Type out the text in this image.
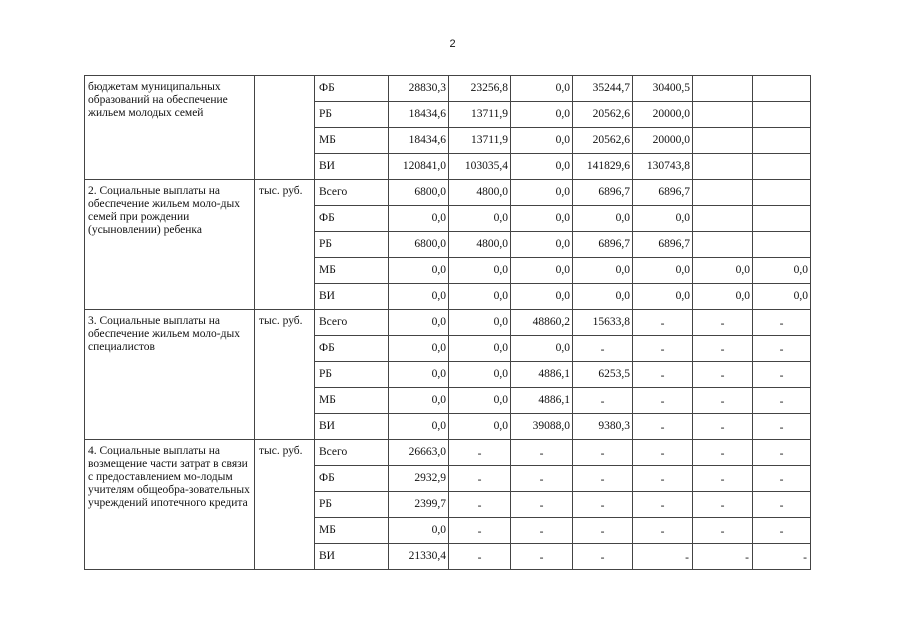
2
бюджетам муниципальных образований на обеспечение жильем молодых семей		ФБ	28830,3	23256,8	0,0	35244,7	30400,5		
		РБ	18434,6	13711,9	0,0	20562,6	20000,0		
		МБ	18434,6	13711,9	0,0	20562,6	20000,0		
		ВИ	120841,0	103035,4	0,0	141829,6	130743,8		
2. Социальные выплаты на обеспечение жильем моло-дых семей при рождении (усыновлении) ребенка	тыс. руб.	Всего	6800,0	4800,0	0,0	6896,7	6896,7		
		ФБ	0,0	0,0	0,0	0,0	0,0		
		РБ	6800,0	4800,0	0,0	6896,7	6896,7		
		МБ	0,0	0,0	0,0	0,0	0,0	0,0	0,0
		ВИ	0,0	0,0	0,0	0,0	0,0	0,0	0,0
3. Социальные выплаты на обеспечение жильем моло-дых специалистов	тыс. руб.	Всего	0,0	0,0	48860,2	15633,8	-	-	-
		ФБ	0,0	0,0	0,0	-	-	-	-
		РБ	0,0	0,0	4886,1	6253,5	-	-	-
		МБ	0,0	0,0	4886,1	-	-	-	-
		ВИ	0,0	0,0	39088,0	9380,3	-	-	-
4. Социальные выплаты на возмещение части затрат в связи с предоставлением мо-лодым учителям общеобра-зовательных учреждений ипотечного кредита	тыс. руб.	Всего	26663,0	-	-	-	-	-	-
		ФБ	2932,9	-	-	-	-	-	-
		РБ	2399,7	-	-	-	-	-	-
		МБ	0,0	-	-	-	-	-	-
		ВИ	21330,4	-	-	-	-	-	-
